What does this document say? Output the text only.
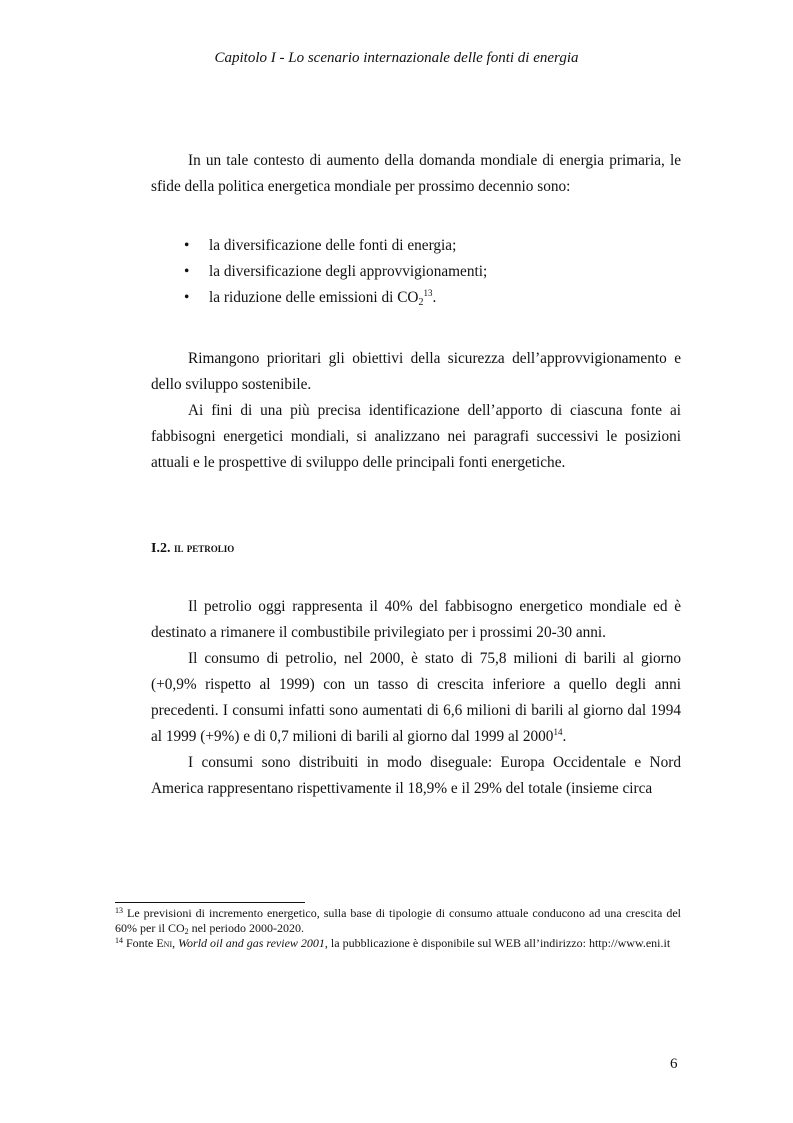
Capitolo I - Lo scenario internazionale delle fonti di energia

In un tale contesto di aumento della domanda mondiale di energia primaria, le sfide della politica energetica mondiale per prossimo decennio sono:

• la diversificazione delle fonti di energia;
• la diversificazione degli approvvigionamenti;
• la riduzione delle emissioni di $CO_2^{13}$.

Rimangono prioritari gli obiettivi della sicurezza dell’approvvigionamento e dello sviluppo sostenibile.

Ai fini di una più precisa identificazione dell’apporto di ciascuna fonte ai fabbisogni energetici mondiali, si analizzano nei paragrafi successivi le posizioni attuali e le prospettive di sviluppo delle principali fonti energetiche.

I.2. il petrolio

Il petrolio oggi rappresenta il 40% del fabbisogno energetico mondiale ed è destinato a rimanere il combustibile privilegiato per i prossimi 20-30 anni.

Il consumo di petrolio, nel 2000, è stato di 75,8 milioni di barili al giorno (+0,9% rispetto al 1999) con un tasso di crescita inferiore a quello degli anni precedenti. I consumi infatti sono aumentati di 6,6 milioni di barili al giorno dal 1994 al 1999 (+9%) e di 0,7 milioni di barili al giorno dal 1999 al 2000$^{14}$.

I consumi sono distribuiti in modo diseguale: Europa Occidentale e Nord America rappresentano rispettivamente il 18,9% e il 29% del totale (insieme circa

$^{13}$ Le previsioni di incremento energetico, sulla base di tipologie di consumo attuale conducono ad una crescita del 60% per il $CO_2$ nel periodo 2000-2020.

$^{14}$ Fonte Eni, World oil and gas review 2001, la pubblicazione è disponibile sul WEB all’indirizzo: http://www.eni.it

6
